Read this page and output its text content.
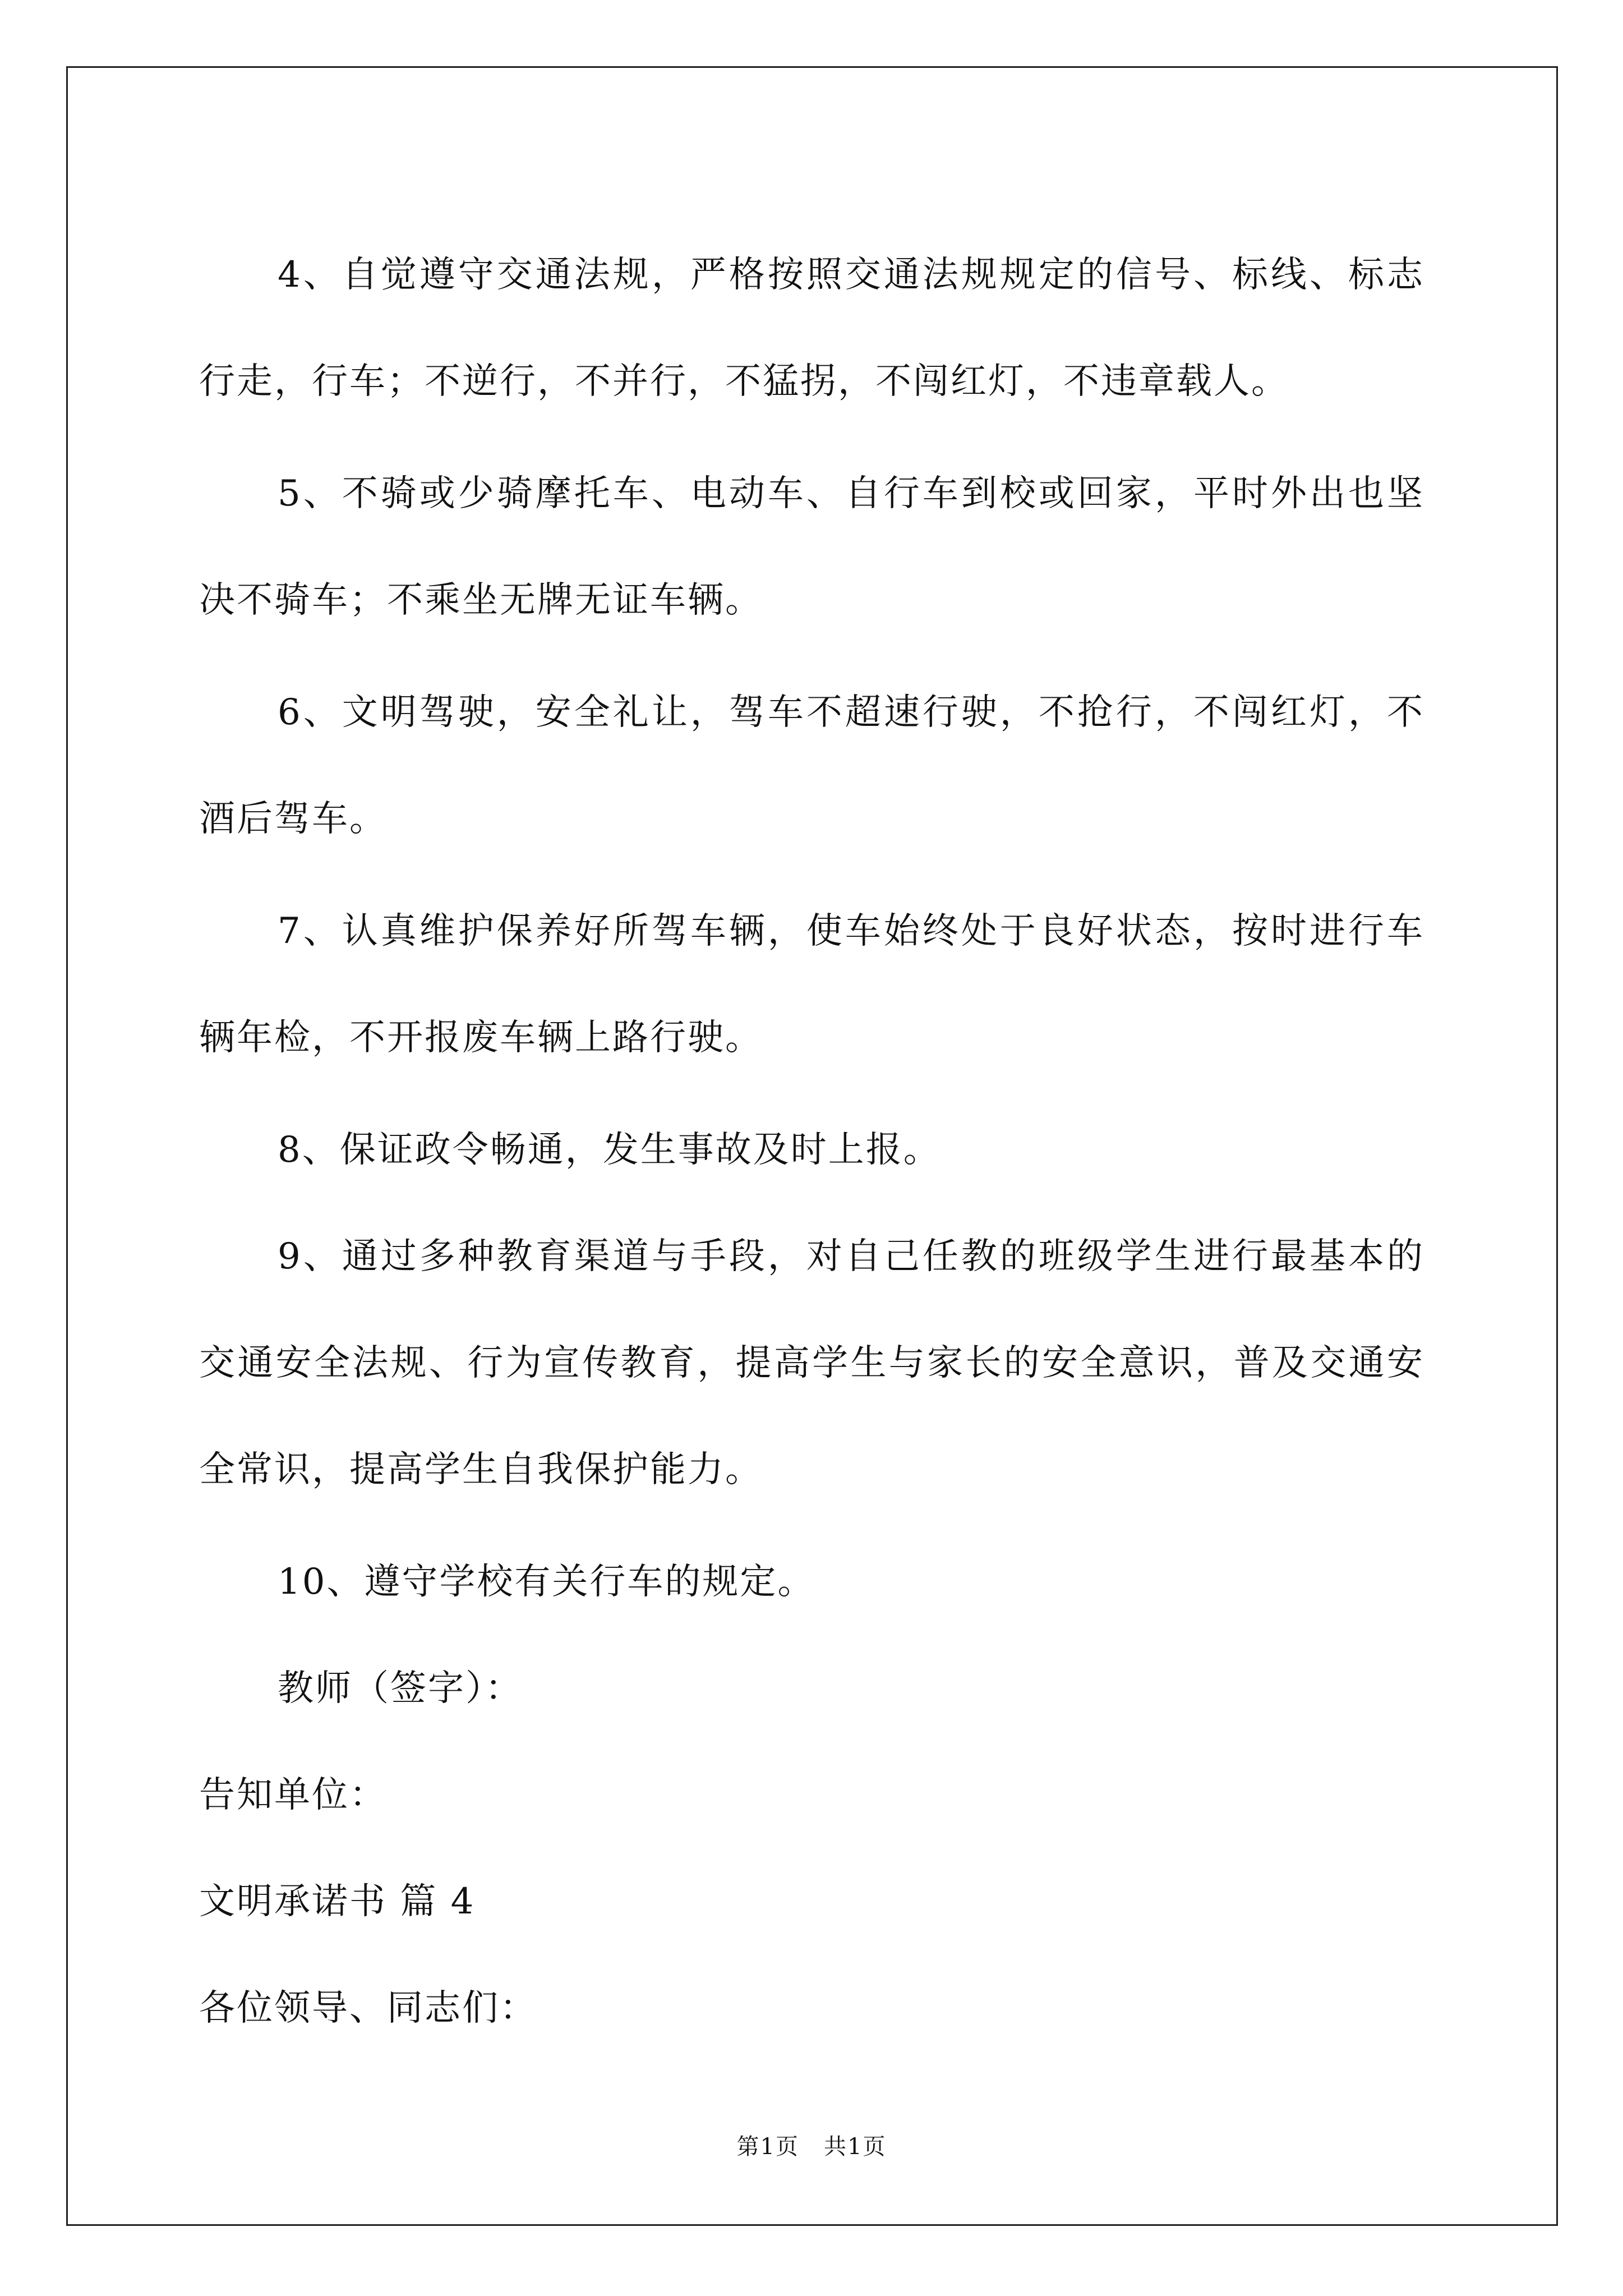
4、自觉遵守交通法规，严格按照交通法规规定的信号、标线、标志行走，行车；不逆行，不并行，不猛拐，不闯红灯，不违章载人。

5、不骑或少骑摩托车、电动车、自行车到校或回家，平时外出也坚决不骑车；不乘坐无牌无证车辆。

6、文明驾驶，安全礼让，驾车不超速行驶，不抢行，不闯红灯，不酒后驾车。

7、认真维护保养好所驾车辆，使车始终处于良好状态，按时进行车辆年检，不开报废车辆上路行驶。

8、保证政令畅通，发生事故及时上报。

9、通过多种教育渠道与手段，对自己任教的班级学生进行最基本的交通安全法规、行为宣传教育，提高学生与家长的安全意识，普及交通安全常识，提高学生自我保护能力。

10、遵守学校有关行车的规定。

教师（签字）：

告知单位：

文明承诺书 篇 4

各位领导、同志们：

第1页 共1页
